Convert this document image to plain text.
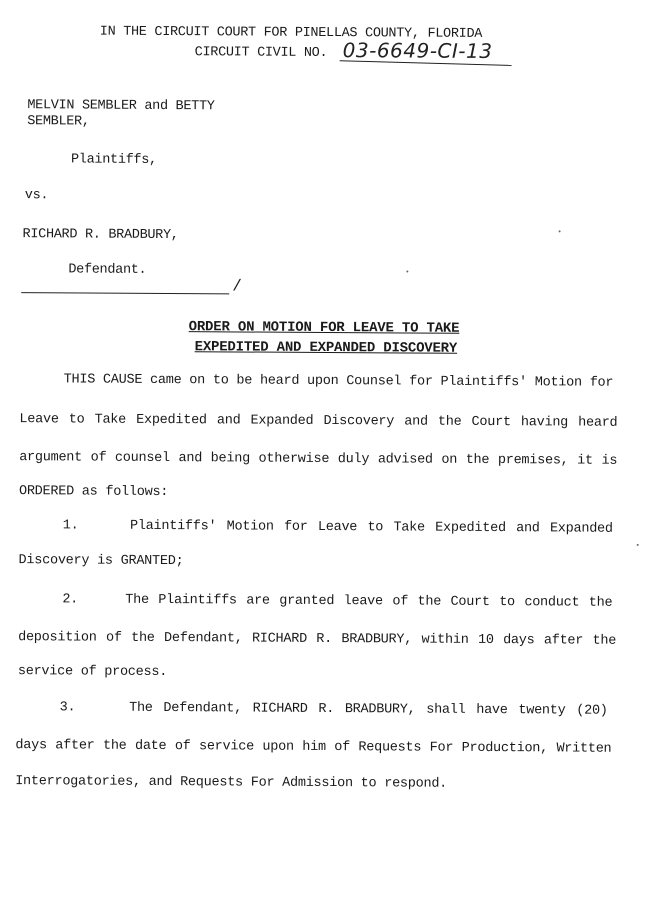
IN THE CIRCUIT COURT FOR PINELLAS COUNTY, FLORIDA
CIRCUIT CIVIL NO. 03-6649-CI-13
MELVIN SEMBLER and BETTY
SEMBLER,
Plaintiffs,
vs.
RICHARD R. BRADBURY,
Defendant.
/
ORDER ON MOTION FOR LEAVE TO TAKE
EXPEDITED AND EXPANDED DISCOVERY
THIS CAUSE came on to be heard upon Counsel for Plaintiffs' Motion for
Leave to Take Expedited and Expanded Discovery and the Court having heard
argument of counsel and being otherwise duly advised on the premises, it is
ORDERED as follows:
1.     Plaintiffs' Motion for Leave to Take Expedited and Expanded
Discovery is GRANTED;
2.     The Plaintiffs are granted leave of the Court to conduct the
deposition of the Defendant, RICHARD R. BRADBURY, within 10 days after the
service of process.
3.     The Defendant, RICHARD R. BRADBURY, shall have twenty (20)
days after the date of service upon him of Requests For Production, Written
Interrogatories, and Requests For Admission to respond.
